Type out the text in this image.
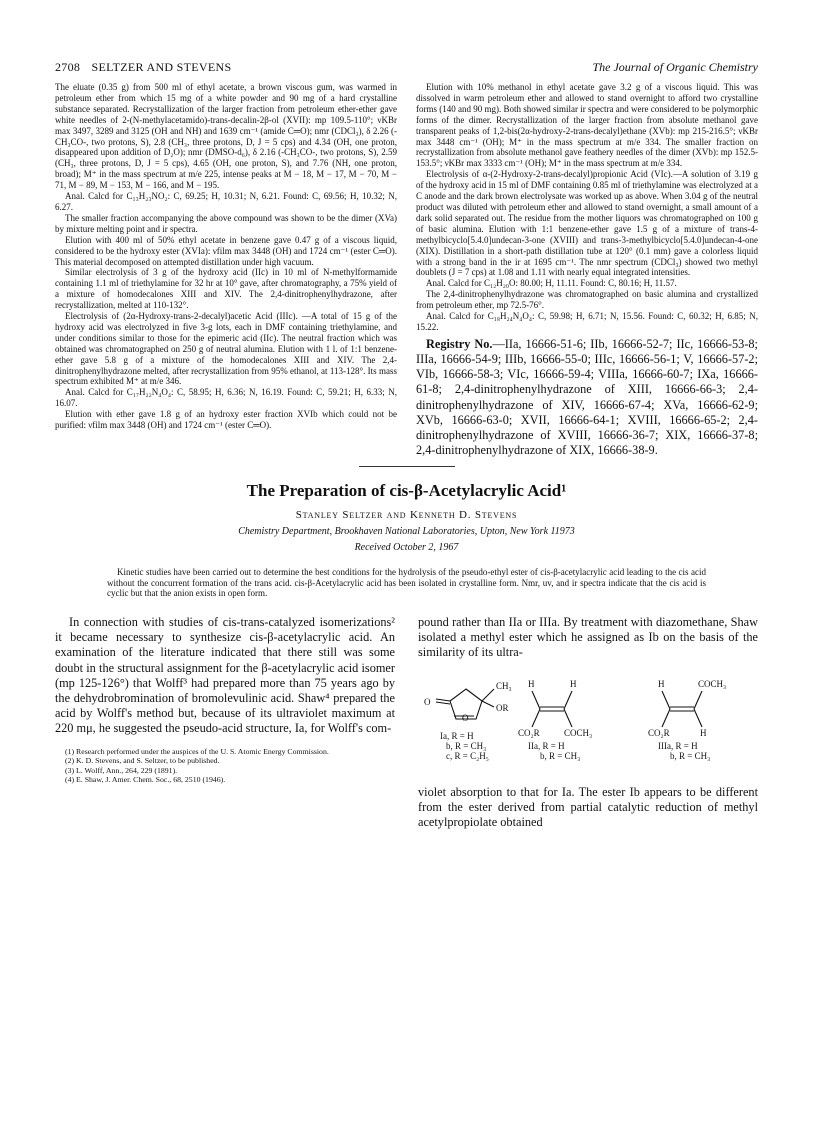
2708 SELTZER AND STEVENS	The Journal of Organic Chemistry

The eluate (0.35 g) from 500 ml of ethyl acetate, a brown viscous gum, was warmed in petroleum ether from which 15 mg of a white powder and 90 mg of a hard crystalline substance separated. Recrystallization of the larger fraction from petroleum ether-ether gave white needles of 2-(N-methylacetamido)-trans-decalin-2β-ol (XVII): mp 109.5-110°; νKBr max 3497, 3289 and 3125 (OH and NH) and 1639 cm⁻¹ (amide C═O); nmr (CDCl₃), δ 2.26 (-CH₃CO-, two protons, S), 2.8 (CH₃, three protons, D, J = 5 cps) and 4.34 (OH, one proton, disappeared upon addition of D₂O); nmr (DMSO-d₆), δ 2.16 (-CH₃CO-, two protons, S), 2.59 (CH₃, three protons, D, J = 5 cps), 4.65 (OH, one proton, S), and 7.76 (NH, one proton, broad); M⁺ in the mass spectrum at m/e 225, intense peaks at M − 18, M − 17, M − 70, M − 71, M − 89, M − 153, M − 166, and M − 195.

Anal. Calcd for C₁₃H₂₃NO₂: C, 69.25; H, 10.31; N, 6.21. Found: C, 69.56; H, 10.32; N, 6.27.

The smaller fraction accompanying the above compound was shown to be the dimer (XVa) by mixture melting point and ir spectra.

Elution with 400 ml of 50% ethyl acetate in benzene gave 0.47 g of a viscous liquid, considered to be the hydroxy ester (XVIa): νfilm max 3448 (OH) and 1724 cm⁻¹ (ester C═O). This material decomposed on attempted distillation under high vacuum.

Similar electrolysis of 3 g of the hydroxy acid (IIc) in 10 ml of N-methylformamide containing 1.1 ml of triethylamine for 32 hr at 10° gave, after chromatography, a 75% yield of a mixture of homodecalones XIII and XIV. The 2,4-dinitrophenylhydrazone, after recrystallization, melted at 110-132°.

Electrolysis of (2α-Hydroxy-trans-2-decalyl)acetic Acid (IIIc). —A total of 15 g of the hydroxy acid was electrolyzed in five 3-g lots, each in DMF containing triethylamine, and under conditions similar to those for the epimeric acid (IIc). The neutral fraction which was obtained was chromatographed on 250 g of neutral alumina. Elution with 1 l. of 1:1 benzene-ether gave 5.8 g of a mixture of the homodecalones XIII and XIV. The 2,4-dinitrophenylhydrazone melted, after recrystallization from 95% ethanol, at 113-128°. Its mass spectrum exhibited M⁺ at m/e 346.

Anal. Calcd for C₁₇H₂₂N₄O₄: C, 58.95; H, 6.36; N, 16.19. Found: C, 59.21; H, 6.33; N, 16.07.

Elution with ether gave 1.8 g of an hydroxy ester fraction XVIb which could not be purified: νfilm max 3448 (OH) and 1724 cm⁻¹ (ester C═O).

Elution with 10% methanol in ethyl acetate gave 3.2 g of a viscous liquid. This was dissolved in warm petroleum ether and allowed to stand overnight to afford two crystalline forms (140 and 90 mg). Both showed similar ir spectra and were considered to be polymorphic forms of the dimer. Recrystallization of the larger fraction from absolute methanol gave transparent peaks of 1,2-bis(2α-hydroxy-2-trans-decalyl)ethane (XVb): mp 215-216.5°; νKBr max 3448 cm⁻¹ (OH); M⁺ in the mass spectrum at m/e 334. The smaller fraction on recrystallization from absolute methanol gave feathery needles of the dimer (XVb): mp 152.5-153.5°; νKBr max 3333 cm⁻¹ (OH); M⁺ in the mass spectrum at m/e 334.

Electrolysis of α-(2-Hydroxy-2-trans-decalyl)propionic Acid (VIc).—A solution of 3.19 g of the hydroxy acid in 15 ml of DMF containing 0.85 ml of triethylamine was electrolyzed at a C anode and the dark brown electrolysate was worked up as above. When 3.04 g of the neutral product was diluted with petroleum ether and allowed to stand overnight, a small amount of a dark solid separated out. The residue from the mother liquors was chromatographed on 100 g of basic alumina. Elution with 1:1 benzene-ether gave 1.5 g of a mixture of trans-4-methylbicyclo[5.4.0]undecan-3-one (XVIII) and trans-3-methylbicyclo[5.4.0]undecan-4-one (XIX). Distillation in a short-path distillation tube at 120° (0.1 mm) gave a colorless liquid with a strong band in the ir at 1695 cm⁻¹. The nmr spectrum (CDCl₃) showed two methyl doublets (J = 7 cps) at 1.08 and 1.11 with nearly equal integrated intensities.

Anal. Calcd for C₁₂H₂₀O: 80.00; H, 11.11. Found: C, 80.16; H, 11.57.

The 2,4-dinitrophenylhydrazone was chromatographed on basic alumina and crystallized from petroleum ether, mp 72.5-76°.

Anal. Calcd for C₁₈H₂₄N₄O₄: C, 59.98; H, 6.71; N, 15.56. Found: C, 60.32; H, 6.85; N, 15.22.

Registry No.—IIa, 16666-51-6; IIb, 16666-52-7; IIc, 16666-53-8; IIIa, 16666-54-9; IIIb, 16666-55-0; IIIc, 16666-56-1; V, 16666-57-2; VIb, 16666-58-3; VIc, 16666-59-4; VIIIa, 16666-60-7; IXa, 16666-61-8; 2,4-dinitrophenylhydrazone of XIII, 16666-66-3; 2,4-dinitrophenylhydrazone of XIV, 16666-67-4; XVa, 16666-62-9; XVb, 16666-63-0; XVII, 16666-64-1; XVIII, 16666-65-2; 2,4-dinitrophenylhydrazone of XVIII, 16666-36-7; XIX, 16666-37-8; 2,4-dinitrophenylhydrazone of XIX, 16666-38-9.
The Preparation of cis-β-Acetylacrylic Acid¹
Stanley Seltzer and Kenneth D. Stevens
Chemistry Department, Brookhaven National Laboratories, Upton, New York 11973
Received October 2, 1967
Kinetic studies have been carried out to determine the best conditions for the hydrolysis of the pseudo-ethyl ester of cis-β-acetylacrylic acid leading to the cis acid without the concurrent formation of the trans acid. cis-β-Acetylacrylic acid has been isolated in crystalline form. Nmr, uv, and ir spectra indicate that the cis acid is cyclic but that the anion exists in open form.

In connection with studies of cis-trans-catalyzed isomerizations² it became necessary to synthesize cis-β-acetylacrylic acid. An examination of the literature indicated that there still was some doubt in the structural assignment for the β-acetylacrylic acid isomer (mp 125-126°) that Wolff³ had prepared more than 75 years ago by the dehydrobromination of bromolevulinic acid. Shaw⁴ prepared the acid by Wolff's method but, because of its ultraviolet maximum at 220 mμ, he suggested the pseudo-acid structure, Ia, for Wolff's com-

(1) Research performed under the auspices of the U. S. Atomic Energy Commission.
(2) K. D. Stevens, and S. Seltzer, to be published.
(3) L. Wolff, Ann., 264, 229 (1891).
(4) E. Shaw, J. Amer. Chem. Soc., 68, 2510 (1946).

pound rather than IIa or IIIa. By treatment with diazomethane, Shaw isolated a methyl ester which he assigned as Ib on the basis of the similarity of its ultra-

O
O
CH₃
OR
Ia, R = H
b, R = CH₃
c, R = C₂H₅
H	H
CO₂R	COCH₃
IIa, R = H
b, R = CH₃
H	COCH₃
CO₂R	H
IIIa, R = H
b, R = CH₃

violet absorption to that for Ia. The ester Ib appears to be different from the ester derived from partial catalytic reduction of methyl acetylpropiolate obtained
